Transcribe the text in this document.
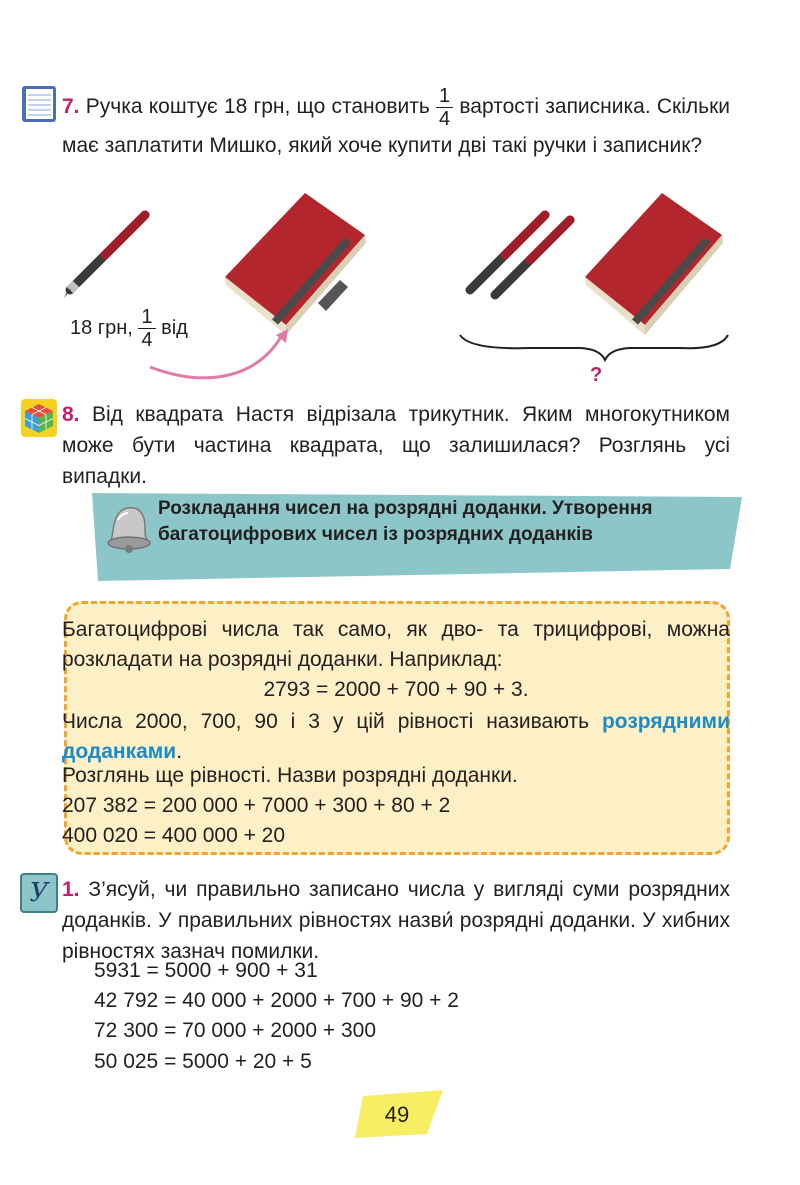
7. Ручка коштує 18 грн, що становить $\frac{1}{4}$ вартості записника. Скільки має заплатити Мишко, який хоче купити дві такі ручки і записник?
18 грн, $\frac{1}{4}$ від
?
8. Від квадрата Настя відрізала трикутник. Яким многокутником може бути частина квадрата, що залишилася? Розглянь усі випадки.
Розкладання чисел на розрядні доданки. Утворення багатоцифрових чисел із розрядних доданків
Багатоцифрові числа так само, як дво- та трицифрові, можна розкладати на розрядні доданки. Наприклад:
2793 = 2000 + 700 + 90 + 3.
Числа 2000, 700, 90 і 3 у цій рівності називають розрядними доданками.
Розглянь ще рівності. Назви розрядні доданки.
207 382 = 200 000 + 7000 + 300 + 80 + 2
400 020 = 400 000 + 20
У 1. З’ясуй, чи правильно записано числа у вигляді суми розрядних доданків. У правильних рівностях назви́ розрядні доданки. У хибних рівностях зазнач помилки.
5931 = 5000 + 900 + 31
42 792 = 40 000 + 2000 + 700 + 90 + 2
72 300 = 70 000 + 2000 + 300
50 025 = 5000 + 20 + 5
49
